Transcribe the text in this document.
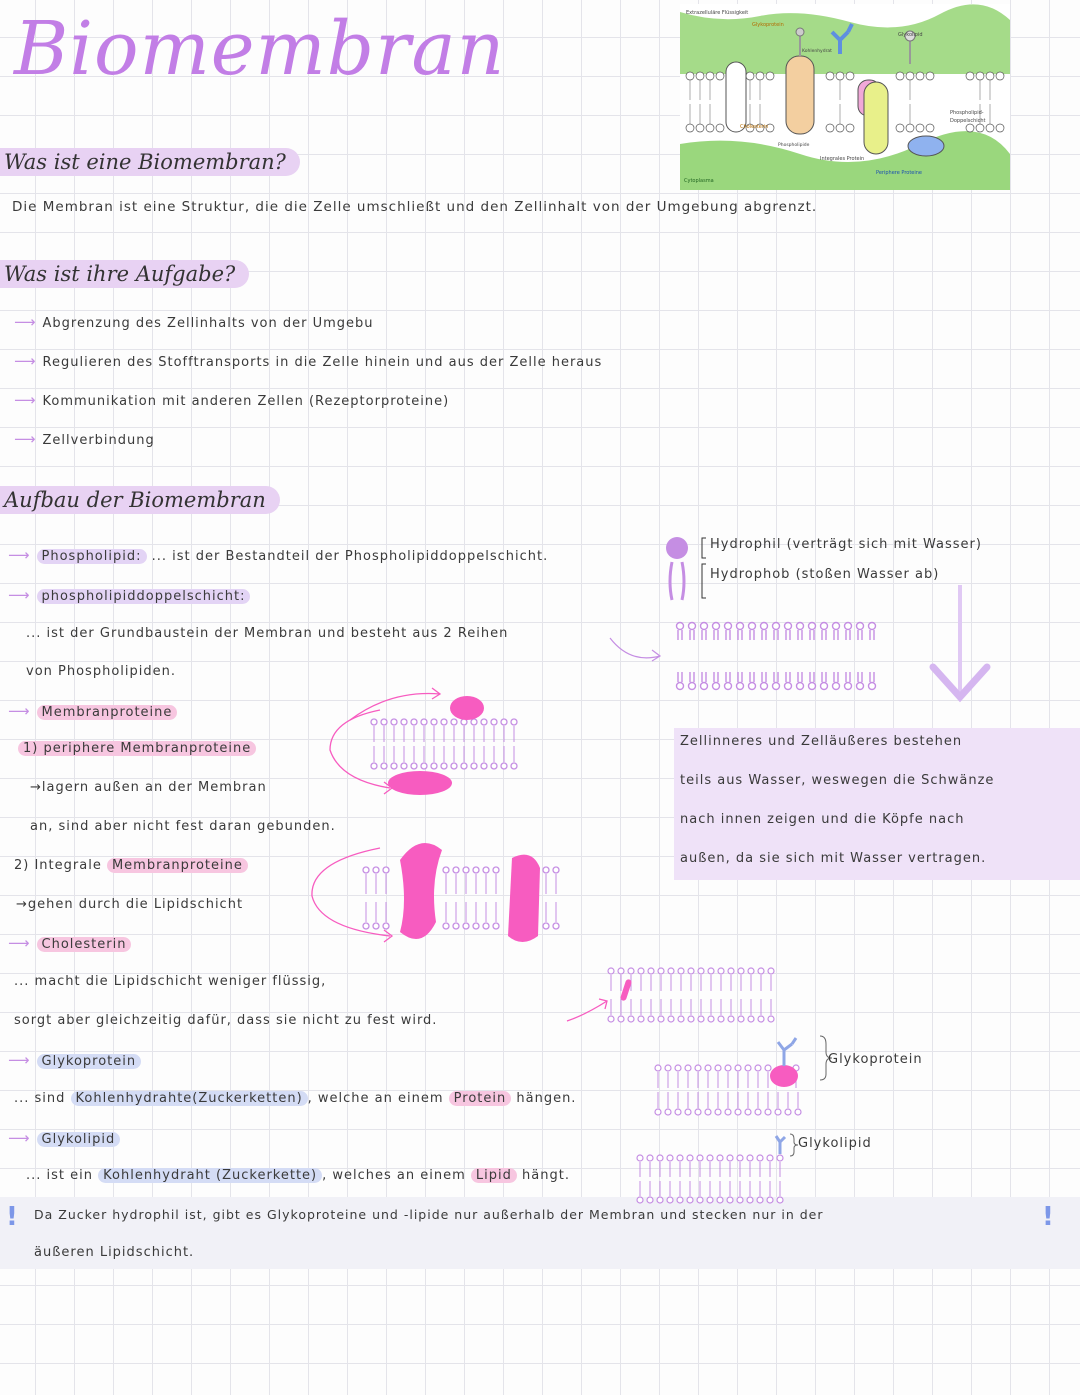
Biomembran	Extrazelluläre Flüssigkeit
Glykoprotein
Glykolipid
Kohlenhydrat
Cholesterin
Phospholipide
Integrales Protein
Periphere Proteine
Cytoplasma
Phospholipid-
Doppelschicht
Was ist eine Biomembran?
Die Membran ist eine Struktur, die die Zelle umschließt und den Zellinhalt von der Umgebung abgrenzt.
Was ist ihre Aufgabe?
⟶ Abgrenzung des Zellinhalts von der Umgebu
⟶ Regulieren des Stofftransports in die Zelle hinein und aus der Zelle heraus
⟶ Kommunikation mit anderen Zellen (Rezeptorproteine)
⟶ Zellverbindung
Aufbau der Biomembran
⟶ Phospholipid: ... ist der Bestandteil der Phospholipiddoppelschicht.
⟶ phospholipiddoppelschicht:
... ist der Grundbaustein der Membran und besteht aus 2 Reihen
von Phospholipiden.
⟶ Membranproteine
1) periphere Membranproteine
→lagern außen an der Membran
an, sind aber nicht fest daran gebunden.
2) Integrale Membranproteine
→gehen durch die Lipidschicht
⟶ Cholesterin
... macht die Lipidschicht weniger flüssig,
sorgt aber gleichzeitig dafür, dass sie nicht zu fest wird.
⟶ Glykoprotein
... sind Kohlenhydrahte(Zuckerketten) , welche an einem Protein hängen.
⟶ Glykolipid
... ist ein Kohlenhydraht (Zuckerkette) , welches an einem Lipid hängt.
!	!
Da Zucker hydrophil ist, gibt es Glykoproteine und -lipide nur außerhalb der Membran und stecken nur in der
äußeren Lipidschicht.
Hydrophil (verträgt sich mit Wasser)
Hydrophob (stoßen Wasser ab)
Zellinneres und Zelläußeres bestehen
teils aus Wasser, weswegen die Schwänze
nach innen zeigen und die Köpfe nach
außen, da sie sich mit Wasser vertragen.
Glykoprotein
Glykolipid
